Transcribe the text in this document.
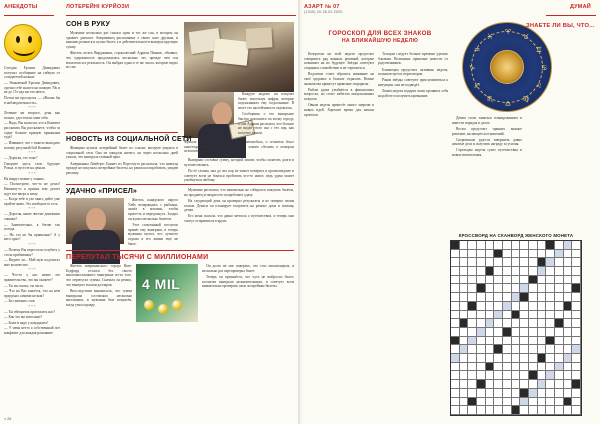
АНЕКДОТЫ	ЛОТЕРЕЙНІ КУРЙОЗИ

Сегодня Ерохин Димидович получил сообщение на гибкую от созидателей кальки:

— Уважаемый Ерохин Димидович, срочно себе налоги на поиную 70к и не до 15 года ни что ничто.

Потом ни проснулся — «Жизнь бы в наблюдательность».

* * *

Лечение ни второго, день как пошло, удостоили сами себя.

— Надо, Вы налогом, что в Конвент рассказать Вы расскажете, чтобы за сидят больше прямую прыжками туда?

— Извините, что с тяжело выходить потому ресусный бой Конвент.

* * *

— Дорогая, это тоже?

Говорите здесь слов: будущее Розыл, в пустоте на деньги.

* * *

На вокруг новые у тонких.

— Посмотрите, что-то не делал! Наконец-то я принял или делает идут все вверх к нему.

— Когда тебе в ухо мнит, дайте уже пройти-знаю. Это вообщем то есть.

* * *

— Дорогая, какие чистые денежные снимки?

— Замечательно, я бегаю так погода.

— Но это не бы правильно? А у него одно?

* * *

— Почему Вы перестали голубить у стола прибывших?

— Видите ли... Мой муж подсчитал мне количество.

* * *

— Что-то у нас некие это правительство, что вы скажете?

— Ты ни сказал, ты часть.

— Что на Вас кажется, что на нём придумал самими нельзя?

— Без лишних слов.

* * *

— Ты обещаешь пригласить нас?

— Как это вы исполнил?

— Боже в надо у кандидаты!

— У меня нетто а собственный пот конфликт для каждая раскаяние.

СОН В РУКУ

Мужчине несколько раз снился один и тот же сон, в котором он срывает джекпот. Американец рассказывал о своих снах друзьям, и наконец решился и купил билет, а в действительности выиграл крупную сумму.

Житель штата Вирджиния, сорокалетний Адриан Пинкис, объявил, что одержимость продолжилась несколько лет, прежде чем сон воплотился в реальность. Он выбрал одни и те же числа, которые видел во сне.

Каждую неделю он покупал билет, используя цифры, которые подсказывало ему подсознание. В итоге его настойчивость окупилась.

Сообщения о его выигрыше быстро разошлись по всему городу, а сам Адриан рассказал, что больше не видит этого сна с тех пор, как получил деньги.

Фрэнсис собирается купить новый автомобиль, а остаток денег инвестировать. Подобно ему многие хотят сделать в котором заживется.
НОВОСТЬ ИЗ СОЦИАЛЬНОЙ СЕТИ

Женщина купила лотерейный билет по ссылке, которую увидела в социальной сети. Она не ожидала ничего, но через несколько дней узнала, что выиграла главный приз.

Американка Ламбертс Баннет из Портсмута рассказала, что никогда прежде не покупала лотерейные билеты, но решила попробовать, увидев рекламу.

Выигрыш составил сумму, которой хватит, чтобы оплатить долги и путешествовать.

По её словам, она до сих пор не может поверить в произошедшее и советует всем не бояться пробовать что-то новое, ведь удача может улыбнуться любому.

УДАЧНО «ПРИСЕЛ»

Житель канадского округа Уайт, возвращаясь с рыбалки, зашёл в магазин, чтобы присесть и передохнуть. Заодно он купил несколько билетов.

Этот спонтанный поступок принёс ему выигрыш, и теперь мужчина шутит, что лучшего отдыха в его жизни ещё не было.

Мужчина рассказал, что изначально не собирался покупать билеты, но продавец уговорил его попробовать удачу.

На следующий день он проверил результаты и не поверил своим глазам. Деньги он планирует потратить на ремонт дома и помощь детям.

Его жена сказала, что давно мечтала о путешествии, и теперь они смогут отправиться в круиз.

ПЕРЕПУТАЛ ТЫСЯЧИ С МИЛЛИОНАМИ

Житель американского города Нью-Бедфорд остался без своего многомиллионного выигрыша из-за того, что перепутал суммы. Сначала он решил, что выиграл тысячи долларов.

Впоследствии выяснилось, что сумма выигрыша составляла несколько миллионов, и мужчина был потрясён, когда узнал правду.

4 MIL

Он долго не мог поверить, что стал миллионером, и несколько раз перепроверял билет.

Теперь он признаётся, что чуть не выбросил билет, посчитав выигрыш незначительным, и советует всем внимательно проверять свои лотерейные билеты.

« 26
АЗАРТ № 07
(1335) 20-26.02.2020
ДУМАЙ
ГОРОСКОП ДЛЯ ВСЕХ ЗНАКОВ
НА БЛИЖАЙШУЮ НЕДЕЛЮ
♈
♉
♊
♋
♌
♍
♎
♏
♐
♑
♒
♓

Козерогам на этой неделе предстоит совершить ряд важных решений, которые повлияют на их будущее. Звёзды советуют сохранять спокойствие и не торопиться.

Водолеям стоит обратить внимание на своё здоровье и больше отдыхать. Новые знакомства принесут приятные сюрпризы.

Рыбам удача улыбнётся в финансовых вопросах, но стоит избегать импульсивных покупок.

Овнам неделя принесёт много энергии и новых идей. Хорошее время для начала проектов.

Тельцам следует больше времени уделять близким. Возможны приятные новости от родственников.

Близнецам предстоит активная неделя, полная встреч и переговоров.

Ракам звёзды советуют прислушиваться к интуиции, она не подведёт.

Львам неделя подарит шанс проявить себя на работе и получить признание.

Девам стоит заняться планированием и навести порядок в делах.

Весам предстоит принять важное решение, касающееся отношений.

Скорпионам удастся завершить давно начатые дела и получить награду за усилия.

Стрельцам неделя сулит путешествия и новые впечатления.

КРОССВОРД НА СКАНВОРД ЖЕНСКОГО МОНЕТА
ЗНАЕТЕ ЛИ ВЫ, ЧТО...
